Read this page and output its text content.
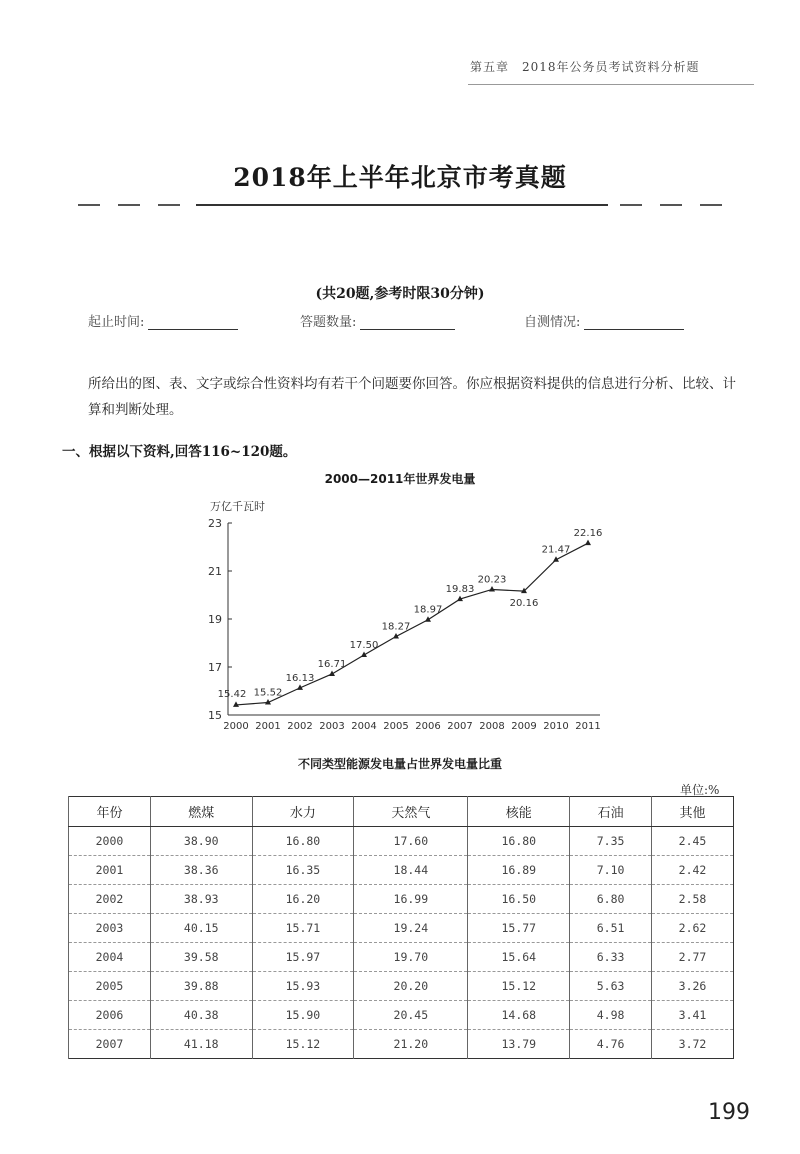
第五章　2018年公务员考试资料分析题
2018年上半年北京市考真题
(共20题,参考时限30分钟)
起止时间:	答题数量:	自测情况:
所给出的图、表、文字或综合性资料均有若干个问题要你回答。你应根据资料提供的信息进行分析、比较、计算和判断处理。
一、根据以下资料,回答116~120题。
2000—2011年世界发电量
万亿千瓦时
15
17
19
21
23
2000 2001 2002 2003 2004 2005 2006 2007 2008 2009 2010 2011
15.42 15.52
16.13
16.71
17.50
18.27
18.97
19.83
20.23
20.16
21.47
22.16
不同类型能源发电量占世界发电量比重
单位:%
年份	燃煤	水力	天然气	核能	石油	其他
2000	38.90	16.80	17.60	16.80	7.35	2.45
2001	38.36	16.35	18.44	16.89	7.10	2.42
2002	38.93	16.20	16.99	16.50	6.80	2.58
2003	40.15	15.71	19.24	15.77	6.51	2.62
2004	39.58	15.97	19.70	15.64	6.33	2.77
2005	39.88	15.93	20.20	15.12	5.63	3.26
2006	40.38	15.90	20.45	14.68	4.98	3.41
2007	41.18	15.12	21.20	13.79	4.76	3.72
199
